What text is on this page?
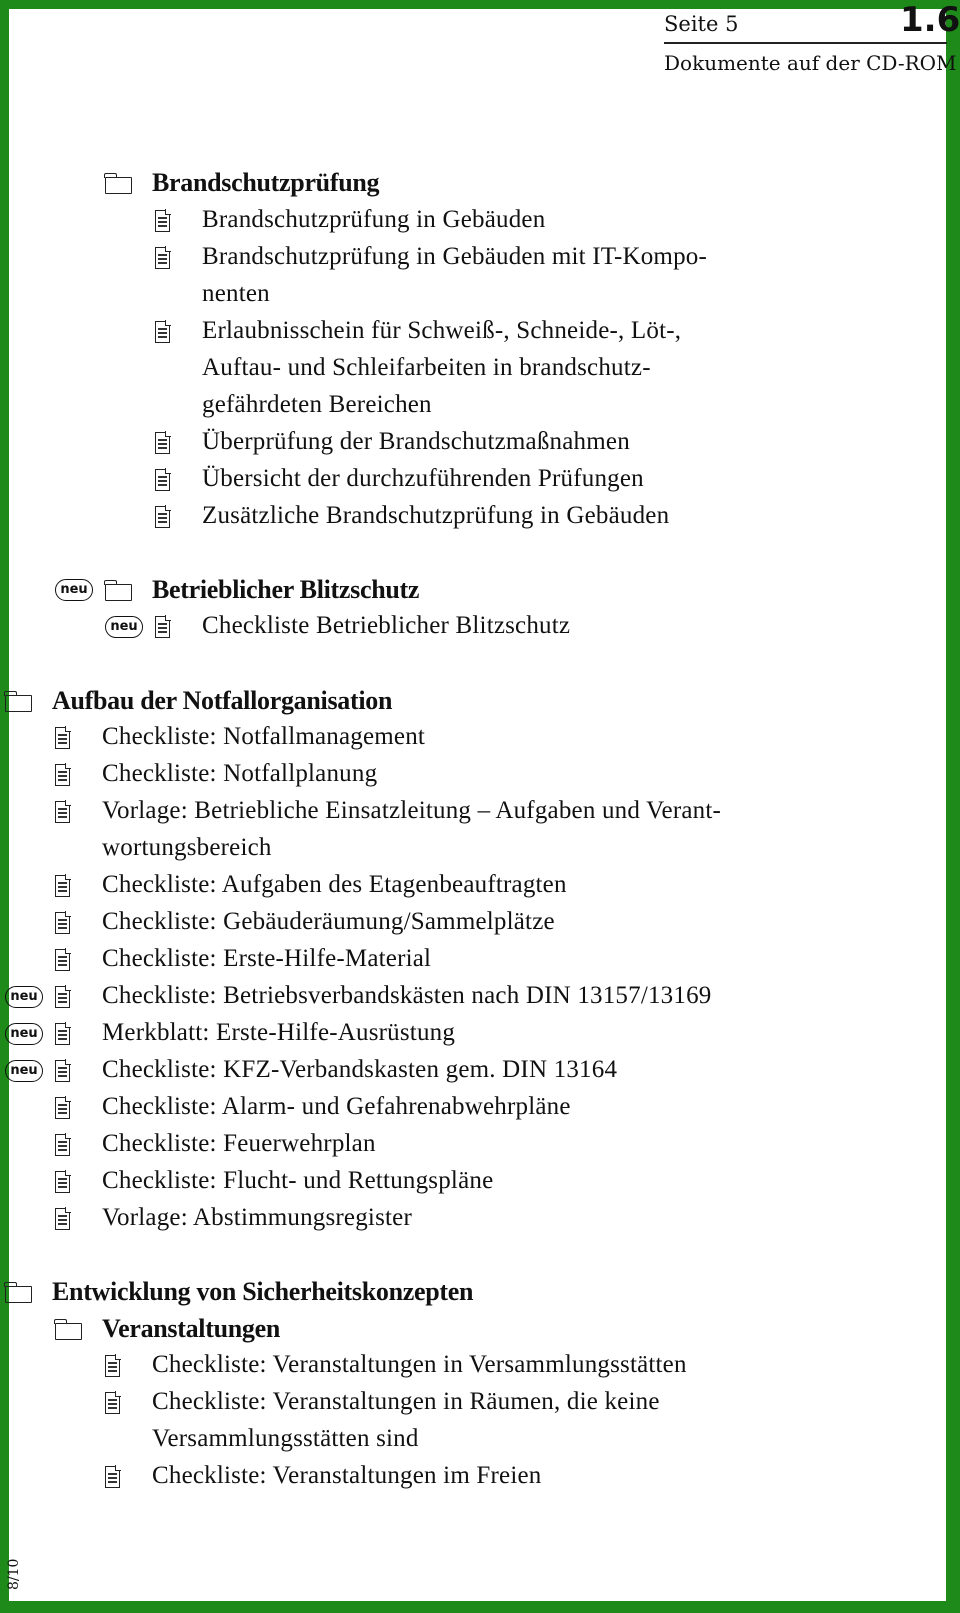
Seite 5	1.6
Dokumente auf der CD-ROM
Brandschutzprüfung
Brandschutzprüfung in Gebäuden
Brandschutzprüfung in Gebäuden mit IT-Kompo-
nenten
Erlaubnisschein für Schweiß-, Schneide-, Löt-,
Auftau- und Schleifarbeiten in brandschutz-
gefährdeten Bereichen
Überprüfung der Brandschutzmaßnahmen
Übersicht der durchzuführenden Prüfungen
Zusätzliche Brandschutzprüfung in Gebäuden
Betrieblicher Blitzschutz
neu
Checkliste Betrieblicher Blitzschutz
neu
Aufbau der Notfallorganisation
Checkliste: Notfallmanagement
Checkliste: Notfallplanung
Vorlage: Betriebliche Einsatzleitung – Aufgaben und Verant-
wortungsbereich
Checkliste: Aufgaben des Etagenbeauftragten
Checkliste: Gebäuderäumung/Sammelplätze
Checkliste: Erste-Hilfe-Material
Checkliste: Betriebsverbandskästen nach DIN 13157/13169
neu
Merkblatt: Erste-Hilfe-Ausrüstung
neu
Checkliste: KFZ-Verbandskasten gem. DIN 13164
neu
Checkliste: Alarm- und Gefahrenabwehrpläne
Checkliste: Feuerwehrplan
Checkliste: Flucht- und Rettungspläne
Vorlage: Abstimmungsregister
Entwicklung von Sicherheitskonzepten
Veranstaltungen
Checkliste: Veranstaltungen in Versammlungsstätten
Checkliste: Veranstaltungen in Räumen, die keine
Versammlungsstätten sind
Checkliste: Veranstaltungen im Freien
8/10
